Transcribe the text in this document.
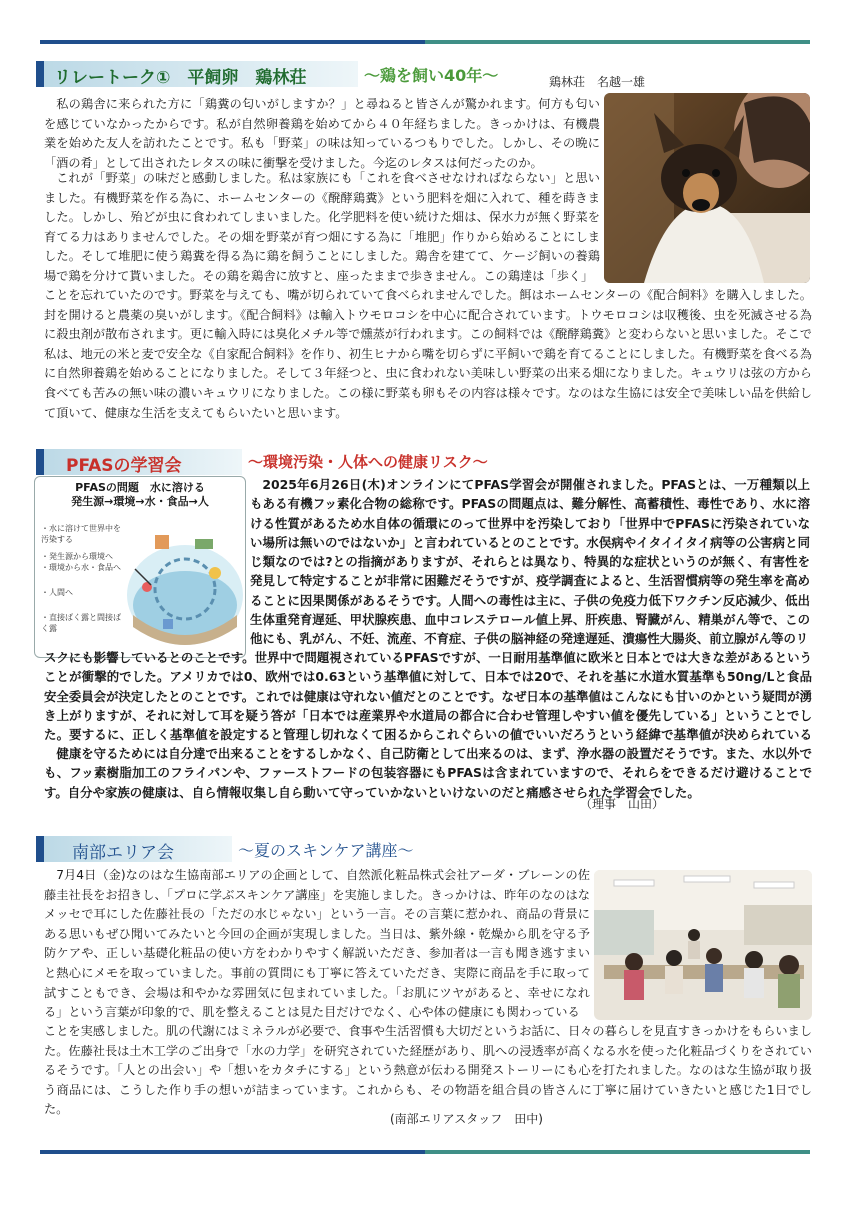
リレートーク①　平飼卵　鶏林荘	～鶏を飼い40年～	鶏林荘　名越一雄

私の鶏舎に来られた方に「鶏糞の匂いがしますか？」と尋ねると皆さんが驚かれます。何方も匂いを感じていなかったからです。私が自然卵養鶏を始めてから４０年経ちました。きっかけは、有機農業を始めた友人を訪れたことです。私も「野菜」の味は知っているつもりでした。しかし、その晩に「酒の肴」として出されたレタスの味に衝撃を受けました。今迄のレタスは何だったのか。

これが「野菜」の味だと感動しました。私は家族にも「これを食べさせなければならない」と思いました。有機野菜を作る為に、ホームセンターの《醗酵鶏糞》という肥料を畑に入れて、種を蒔きました。しかし、殆どが虫に食われてしまいました。化学肥料を使い続けた畑は、保水力が無く野菜を育てる力はありませんでした。その畑を野菜が育つ畑にする為に「堆肥」作りから始めることにしました。そして堆肥に使う鶏糞を得る為に鶏を飼うことにしました。鶏舎を建てて、ケージ飼いの養鶏場で鶏を分けて貰いました。その鶏を鶏舎に放すと、座ったままで歩きません。この鶏達は「歩く」

ことを忘れていたのです。野菜を与えても、嘴が切られていて食べられませんでした。餌はホームセンターの《配合飼料》を購入しました。封を開けると農薬の臭いがします。《配合飼料》は輸入トウモロコシを中心に配合されています。トウモロコシは収穫後、虫を死滅させる為に殺虫剤が散布されます。更に輸入時には臭化メチル等で燻蒸が行われます。この飼料では《醗酵鶏糞》と変わらないと思いました。そこで私は、地元の米と麦で安全な《自家配合飼料》を作り、初生ヒナから嘴を切らずに平飼いで鶏を育てることにしました。有機野菜を食べる為に自然卵養鶏を始めることになりました。そして３年経つと、虫に食われない美味しい野菜の出来る畑になりました。キュウリは弦の方から食べても苦みの無い味の濃いキュウリになりました。この様に野菜も卵もその内容は様々です。なのはな生協には安全で美味しい品を供給して頂いて、健康な生活を支えてもらいたいと思います。

PFASの学習会	～環境汚染・人体への健康リスク～
PFASの問題　水に溶ける
発生源→環境→水・食品→人
・水に溶けて世界中を汚染する
・発生源から環境へ
・環境から水・食品へ
・人間へ
・直接ばく露と間接ばく露

2025年6月26日(木)オンラインにてPFAS学習会が開催されました。PFASとは、一万種類以上もある有機フッ素化合物の総称です。PFASの問題点は、難分解性、高蓄積性、毒性であり、水に溶ける性質があるため水自体の循環にのって世界中を汚染しており「世界中でPFASに汚染されていない場所は無いのではないか」と言われているとのことです。水俣病やイタイイタイ病等の公害病と同じ類なのでは?との指摘がありますが、それらとは異なり、特異的な症状というのが無く、有害性を発見して特定することが非常に困難だそうですが、疫学調査によると、生活習慣病等の発生率を高めることに因果関係があるそうです。人間への毒性は主に、子供の免疫力低下ワクチン反応減少、低出生体重発育遅延、甲状腺疾患、血中コレステロール値上昇、肝疾患、腎臓がん、精巣がん等で、この他にも、乳がん、不妊、流産、不育症、子供の脳神経の発達遅延、潰瘍性大腸炎、前立腺がん等のリ

スクにも影響しているとのことです。世界中で問題視されているPFASですが、一日耐用基準値に欧米と日本とでは大きな差があるということが衝撃的でした。アメリカでは0、欧州では0.63という基準値に対して、日本では20で、それを基に水道水質基準も50ng/Lと食品安全委員会が決定したとのことです。これでは健康は守れない値だとのことです。なぜ日本の基準値はこんなにも甘いのかという疑問が湧き上がりますが、それに対して耳を疑う答が「日本では産業界や水道局の都合に合わせ管理しやすい値を優先している」ということでした。要するに、正しく基準値を設定すると管理し切れなくて困るからこれぐらいの値でいいだろうという経緯で基準値が決められている

健康を守るためには自分達で出来ることをするしかなく、自己防衛として出来るのは、まず、浄水器の設置だそうです。また、水以外でも、フッ素樹脂加工のフライパンや、ファーストフードの包装容器にもPFASは含まれていますので、それらをできるだけ避けることです。自分や家族の健康は、自ら情報収集し自ら動いて守っていかないといけないのだと痛感させられた学習会でした。

（理事　山田）
南部エリア会	～夏のスキンケア講座～

7月4日（金)なのはな生協南部エリアの企画として、自然派化粧品株式会社アーダ・ブレーンの佐藤圭社長をお招きし、「プロに学ぶスキンケア講座」を実施しました。きっかけは、昨年のなのはなメッセで耳にした佐藤社長の「ただの水じゃない」という一言。その言葉に惹かれ、商品の背景にある思いもぜひ聞いてみたいと今回の企画が実現しました。当日は、紫外線・乾燥から肌を守る予防ケアや、正しい基礎化粧品の使い方をわかりやすく解説いただき、参加者は一言も聞き逃すまいと熱心にメモを取っていました。事前の質問にも丁寧に答えていただき、実際に商品を手に取って試すこともでき、会場は和やかな雰囲気に包まれていました。「お肌にツヤがあると、幸せになれる」という言葉が印象的で、肌を整えることは見た目だけでなく、心や体の健康にも関わっている

ことを実感しました。肌の代謝にはミネラルが必要で、食事や生活習慣も大切だというお話に、日々の暮らしを見直すきっかけをもらいました。佐藤社長は土木工学のご出身で「水の力学」を研究されていた経歴があり、肌への浸透率が高くなる水を使った化粧品づくりをされているそうです。「人との出会い」や「想いをカタチにする」という熱意が伝わる開発ストーリーにも心を打たれました。なのはな生協が取り扱う商品には、こうした作り手の想いが詰まっています。これからも、その物語を組合員の皆さんに丁寧に届けていきたいと感じた1日でした。

(南部エリアスタッフ　田中)
